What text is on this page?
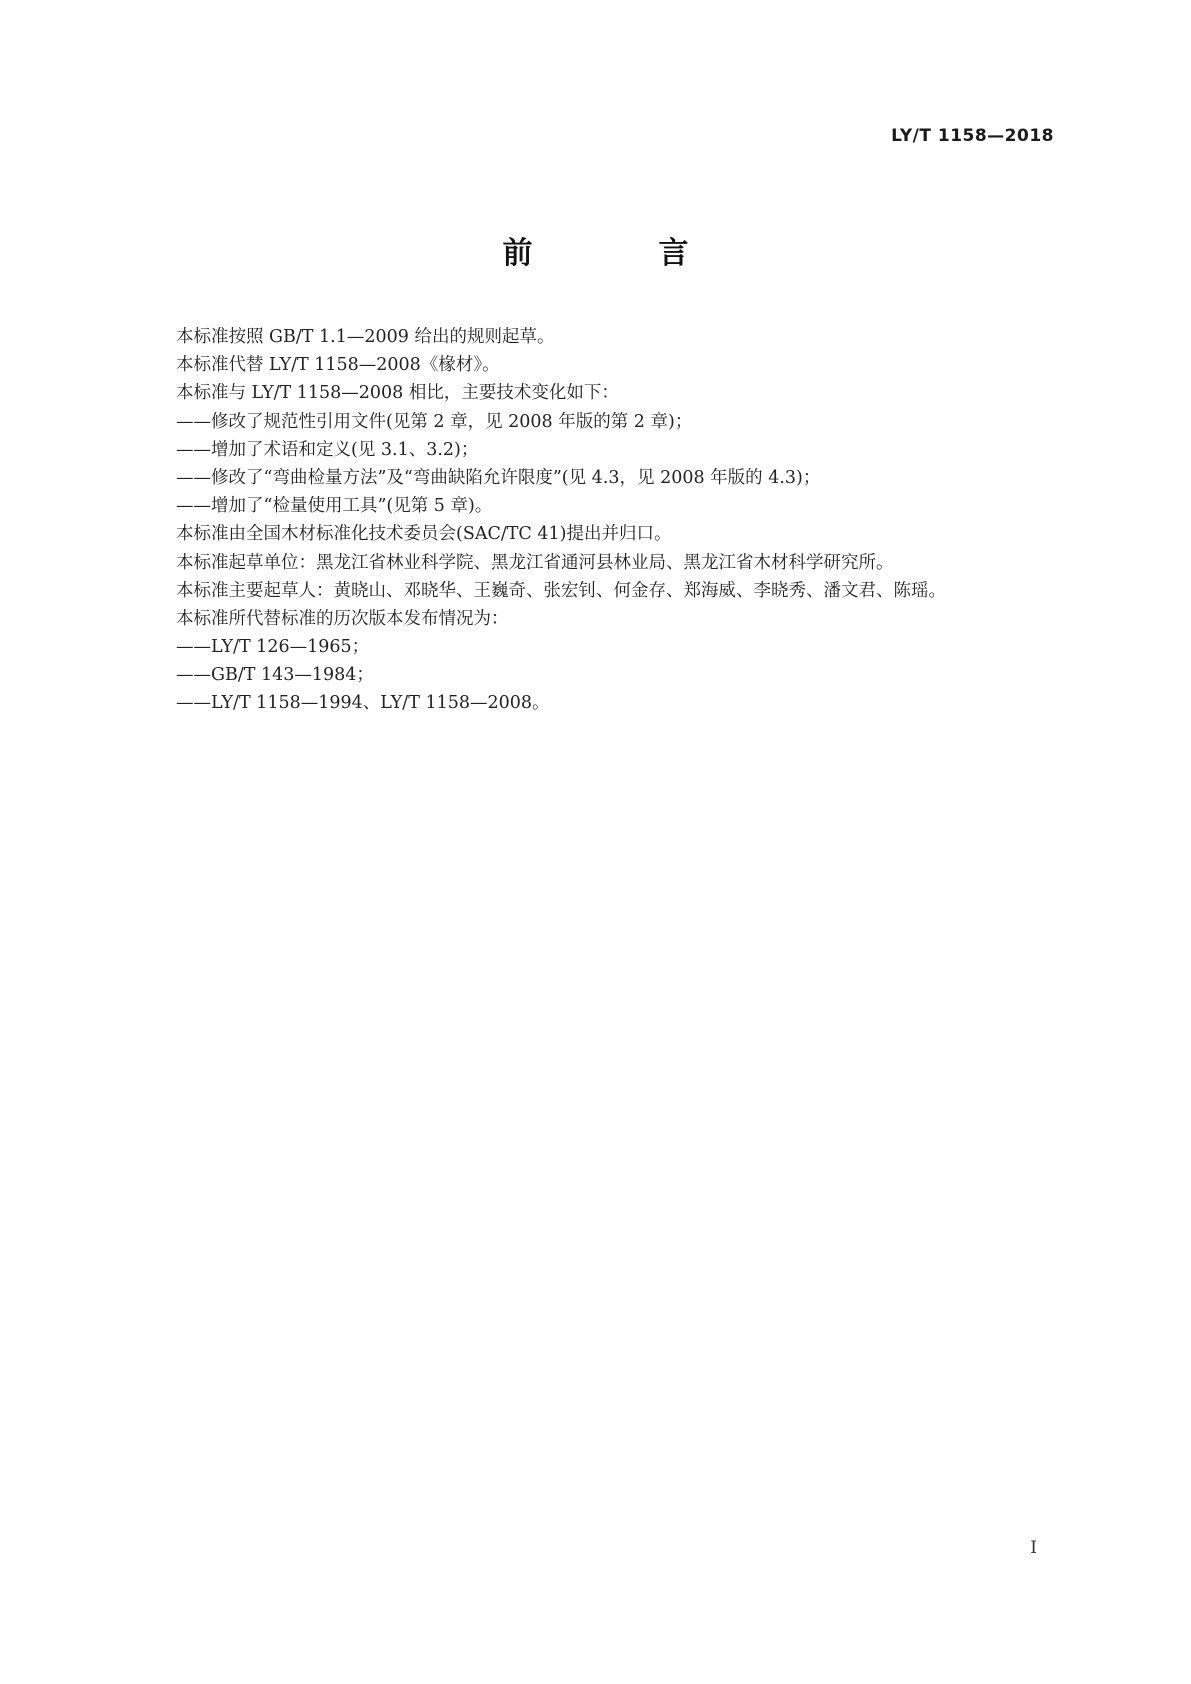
LY/T 1158—2018
前　言
本标准按照 GB/T 1.1—2009 给出的规则起草。
本标准代替 LY/T 1158—2008《椽材》。
本标准与 LY/T 1158—2008 相比，主要技术变化如下：
——修改了规范性引用文件(见第 2 章，见 2008 年版的第 2 章)；
——增加了术语和定义(见 3.1、3.2)；
——修改了“弯曲检量方法”及“弯曲缺陷允许限度”(见 4.3，见 2008 年版的 4.3)；
——增加了“检量使用工具”(见第 5 章)。
本标准由全国木材标准化技术委员会(SAC/TC 41)提出并归口。
本标准起草单位：黑龙江省林业科学院、黑龙江省通河县林业局、黑龙江省木材科学研究所。
本标准主要起草人：黄晓山、邓晓华、王巍奇、张宏钊、何金存、郑海威、李晓秀、潘文君、陈瑶。
本标准所代替标准的历次版本发布情况为：
——LY/T 126—1965；
——GB/T 143—1984；
——LY/T 1158—1994、LY/T 1158—2008。
I
